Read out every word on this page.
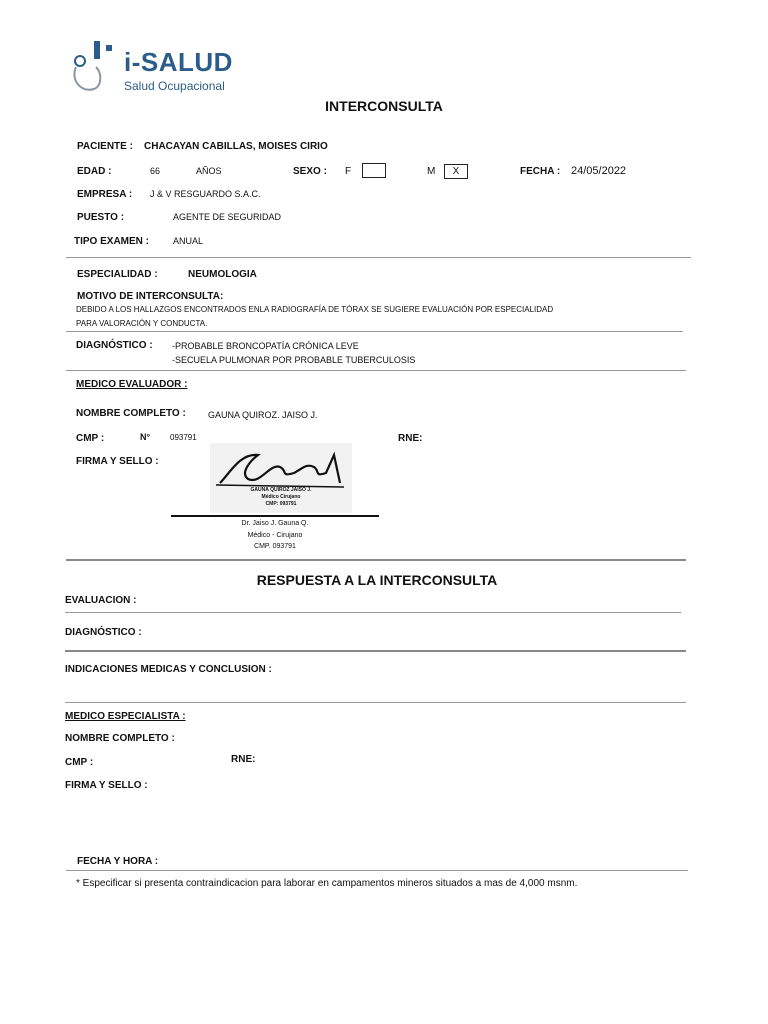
i-SALUD
Salud Ocupacional
INTERCONSULTA
PACIENTE : CHACAYAN CABILLAS, MOISES CIRIO
EDAD :	66	AÑOS	SEXO : F	M	X	FECHA : 24/05/2022
EMPRESA : J & V RESGUARDO S.A.C.
PUESTO :	AGENTE DE SEGURIDAD
TIPO EXAMEN :	ANUAL
ESPECIALIDAD :	NEUMOLOGIA
MOTIVO DE INTERCONSULTA:
DEBIDO A LOS HALLAZGOS ENCONTRADOS ENLA RADIOGRAFÍA DE TÓRAX SE SUGIERE EVALUACIÓN POR ESPECIALIDAD
PARA VALORACIÓN Y CONDUCTA.
DIAGNÓSTICO : -PROBABLE BRONCOPATÍA CRÓNICA LEVE
-SECUELA PULMONAR POR PROBABLE TUBERCULOSIS
MEDICO EVALUADOR :
NOMBRE COMPLETO : GAUNA QUIROZ. JAISO J.
CMP :	N° 093791	RNE:
FIRMA Y SELLO :
GAUNA QUIROZ JAISO J.
Médico Cirujano
CMP: 093791
Dr. Jaiso J. Gauna Q.
Médico - Cirujano
CMP. 093791
RESPUESTA A LA INTERCONSULTA
EVALUACION :
DIAGNÓSTICO :
INDICACIONES MEDICAS Y CONCLUSION :
MEDICO ESPECIALISTA :
NOMBRE COMPLETO :
CMP :	RNE:
FIRMA Y SELLO :
FECHA Y HORA :
* Especificar si presenta contraindicacion para laborar en campamentos mineros situados a mas de 4,000 msnm.
